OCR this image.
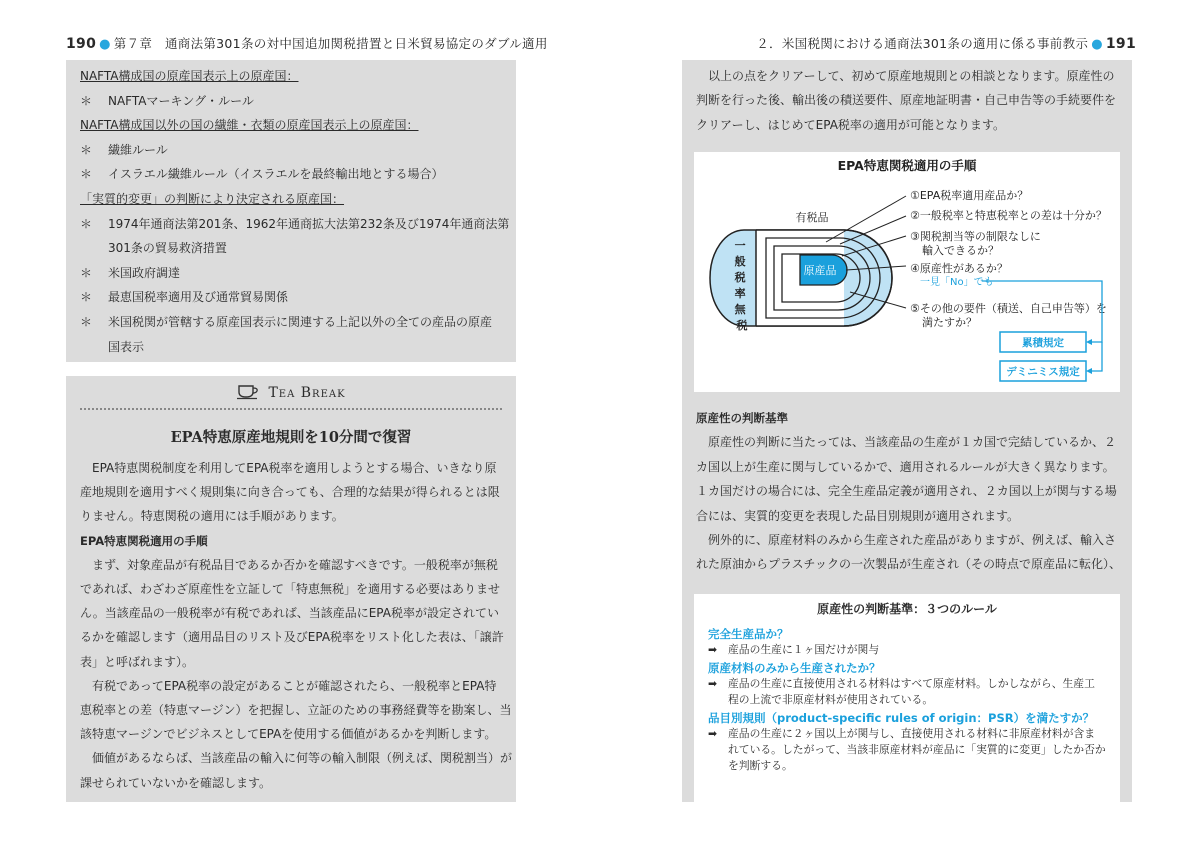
190 ● 第７章　通商法第301条の対中国追加関税措置と日米貿易協定のダブル適用	２．米国税関における通商法301条の適用に係る事前教示 ● 191
NAFTA構成国の原産国表示上の原産国：
＊ NAFTAマーキング・ルール
NAFTA構成国以外の国の繊維・衣類の原産国表示上の原産国：
＊ 繊維ルール
＊ イスラエル繊維ルール（イスラエルを最終輸出地とする場合）
「実質的変更」の判断により決定される原産国：
＊ 1974年通商法第201条、1962年通商拡大法第232条及び1974年通商法第
301条の貿易救済措置
＊ 米国政府調達
＊ 最恵国税率適用及び通常貿易関係
＊ 米国税関が管轄する原産国表示に関連する上記以外の全ての産品の原産
国表示
Tea Break
EPA特恵原産地規則を10分間で復習

EPA特恵関税制度を利用してEPA税率を適用しようとする場合、いきなり原
産地規則を適用すべく規則集に向き合っても、合理的な結果が得られるとは限
りません。特恵関税の適用には手順があります。

EPA特恵関税適用の手順

まず、対象産品が有税品目であるか否かを確認すべきです。一般税率が無税
であれば、わざわざ原産性を立証して「特恵無税」を適用する必要はありませ
ん。当該産品の一般税率が有税であれば、当該産品にEPA税率が設定されてい
るかを確認します（適用品目のリスト及びEPA税率をリスト化した表は、「譲許
表」と呼ばれます）。

有税であってEPA税率の設定があることが確認されたら、一般税率とEPA特
恵税率との差（特恵マージン）を把握し、立証のための事務経費等を勘案し、当
該特恵マージンでビジネスとしてEPAを使用する価値があるかを判断します。

価値があるならば、当該産品の輸入に何等の輸入制限（例えば、関税割当）が
課せられていないかを確認します。

以上の点をクリアーして、初めて原産地規則との相談となります。原産性の
判断を行った後、輸出後の積送要件、原産地証明書・自己申告等の手続要件を
クリアーし、はじめてEPA税率の適用が可能となります。

EPA特恵関税適用の手順
一 般 税 率 無 税
原産品
有税品
①EPA税率適用産品か？
②一般税率と特恵税率との差は十分か？
③関税割当等の制限なしに
輸入できるか？
④原産性があるか？
一見「No」でも
⑤その他の要件（積送、自己申告等）を
満たすか？
累積規定
デミニミス規定
原産性の判断基準

原産性の判断に当たっては、当該産品の生産が１カ国で完結しているか、２
カ国以上が生産に関与しているかで、適用されるルールが大きく異なります。
１カ国だけの場合には、完全生産品定義が適用され、２カ国以上が関与する場
合には、実質的変更を表現した品目別規則が適用されます。

例外的に、原産材料のみから生産された産品がありますが、例えば、輸入さ
れた原油からプラスチックの一次製品が生産され（その時点で原産品に転化）、

原産性の判断基準：３つのルール
完全生産品か？
➡ 産品の生産に１ヶ国だけが関与
原産材料のみから生産されたか？
➡ 産品の生産に直接使用される材料はすべて原産材料。しかしながら、生産工
程の上流で非原産材料が使用されている。
品目別規則（product-specific rules of origin：PSR）を満たすか？
➡ 産品の生産に２ヶ国以上が関与し、直接使用される材料に非原産材料が含ま
れている。したがって、当該非原産材料が産品に「実質的に変更」したか否か
を判断する。
